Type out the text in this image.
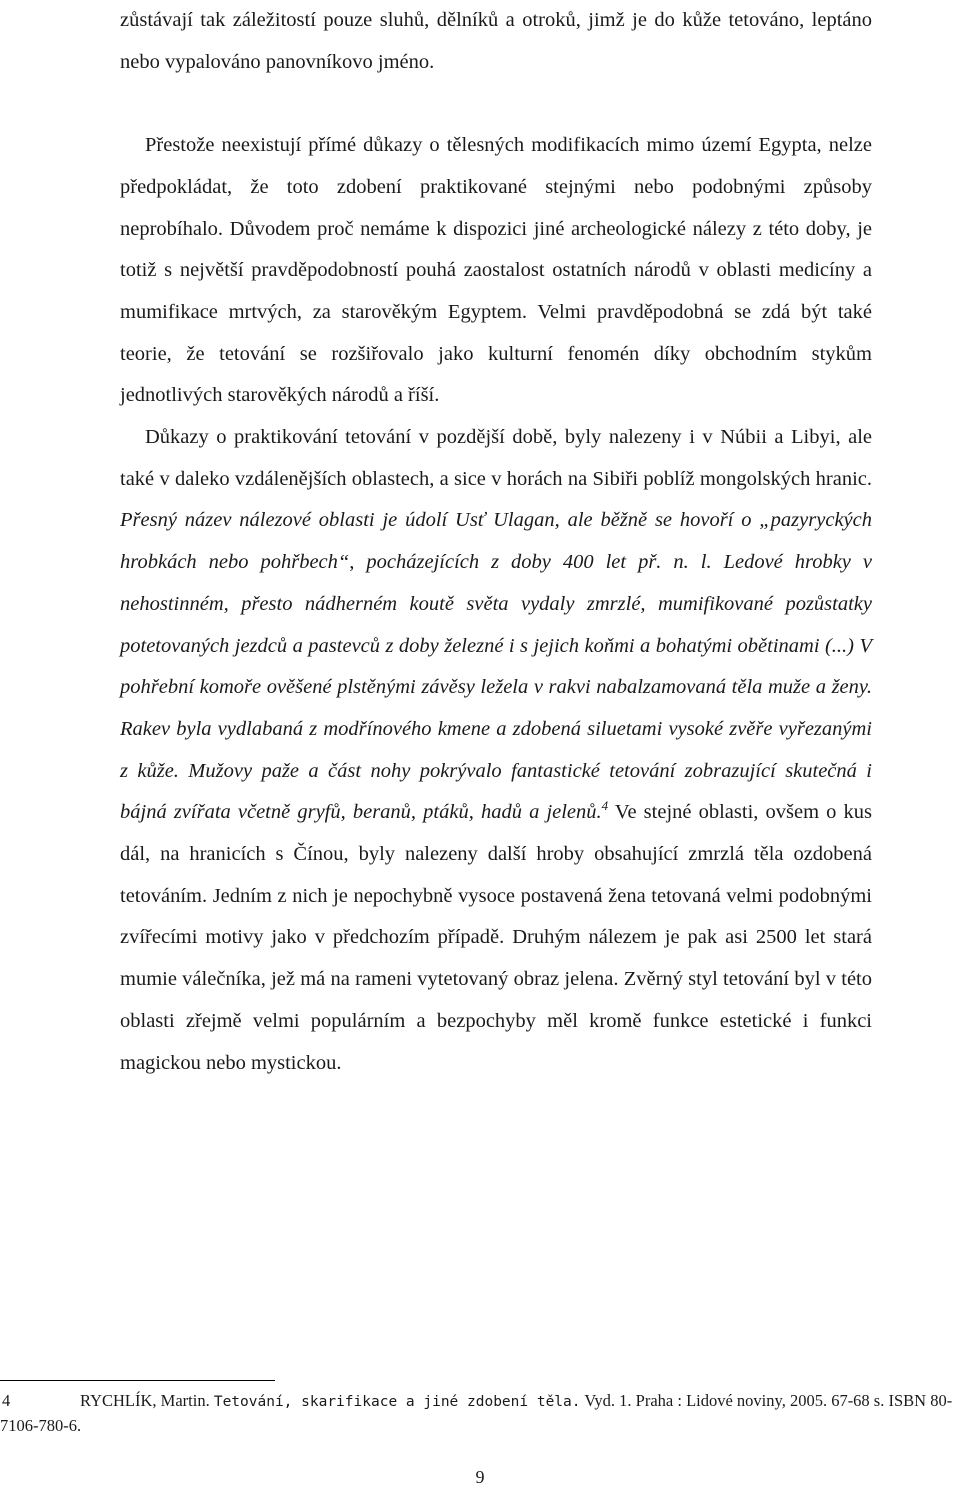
zůstávají tak záležitostí pouze sluhů, dělníků a otroků, jimž je do kůže tetováno, leptáno nebo vypalováno panovníkovo jméno.

Přestože neexistují přímé důkazy o tělesných modifikacích mimo území Egypta, nelze předpokládat, že toto zdobení praktikované stejnými nebo podobnými způsoby neprobíhalo. Důvodem proč nemáme k dispozici jiné archeologické nálezy z této doby, je totiž s největší pravděpodobností pouhá zaostalost ostatních národů v oblasti medicíny a mumifikace mrtvých, za starověkým Egyptem. Velmi pravděpodobná se zdá být také teorie, že tetování se rozšiřovalo jako kulturní fenomén díky obchodním stykům jednotlivých starověkých národů a říší.

Důkazy o praktikování tetování v pozdější době, byly nalezeny i v Núbii a Libyi, ale také v daleko vzdálenějších oblastech, a sice v horách na Sibiři poblíž mongolských hranic. Přesný název nálezové oblasti je údolí Usť Ulagan, ale běžně se hovoří o „pazyryckých hrobkách nebo pohřbech“, pocházejících z doby 400 let př. n. l. Ledové hrobky v nehostinném, přesto nádherném koutě světa vydaly zmrzlé, mumifikované pozůstatky potetovaných jezdců a pastevců z doby železné i s jejich koňmi a bohatými obětinami (...) V pohřební komoře ověšené plstěnými závěsy ležela v rakvi nabalzamovaná těla muže a ženy. Rakev byla vydlabaná z modřínového kmene a zdobená siluetami vysoké zvěře vyřezanými z kůže. Mužovy paže a část nohy pokrývalo fantastické tetování zobrazující skutečná i bájná zvířata včetně gryfů, beranů, ptáků, hadů a jelenů.$^4$ Ve stejné oblasti, ovšem o kus dál, na hranicích s Čínou, byly nalezeny další hroby obsahující zmrzlá těla ozdobená tetováním. Jedním z nich je nepochybně vysoce postavená žena tetovaná velmi podobnými zvířecími motivy jako v předchozím případě. Druhým nálezem je pak asi 2500 let stará mumie válečníka, jež má na rameni vytetovaný obraz jelena. Zvěrný styl tetování byl v této oblasti zřejmě velmi populárním a bezpochyby měl kromě funkce estetické i funkci magickou nebo mystickou.

4	RYCHLÍK, Martin. Tetování, skarifikace a jiné zdobení těla. Vyd. 1. Praha : Lidové noviny, 2005. 67-68 s. ISBN 80-7106-780-6.
9
